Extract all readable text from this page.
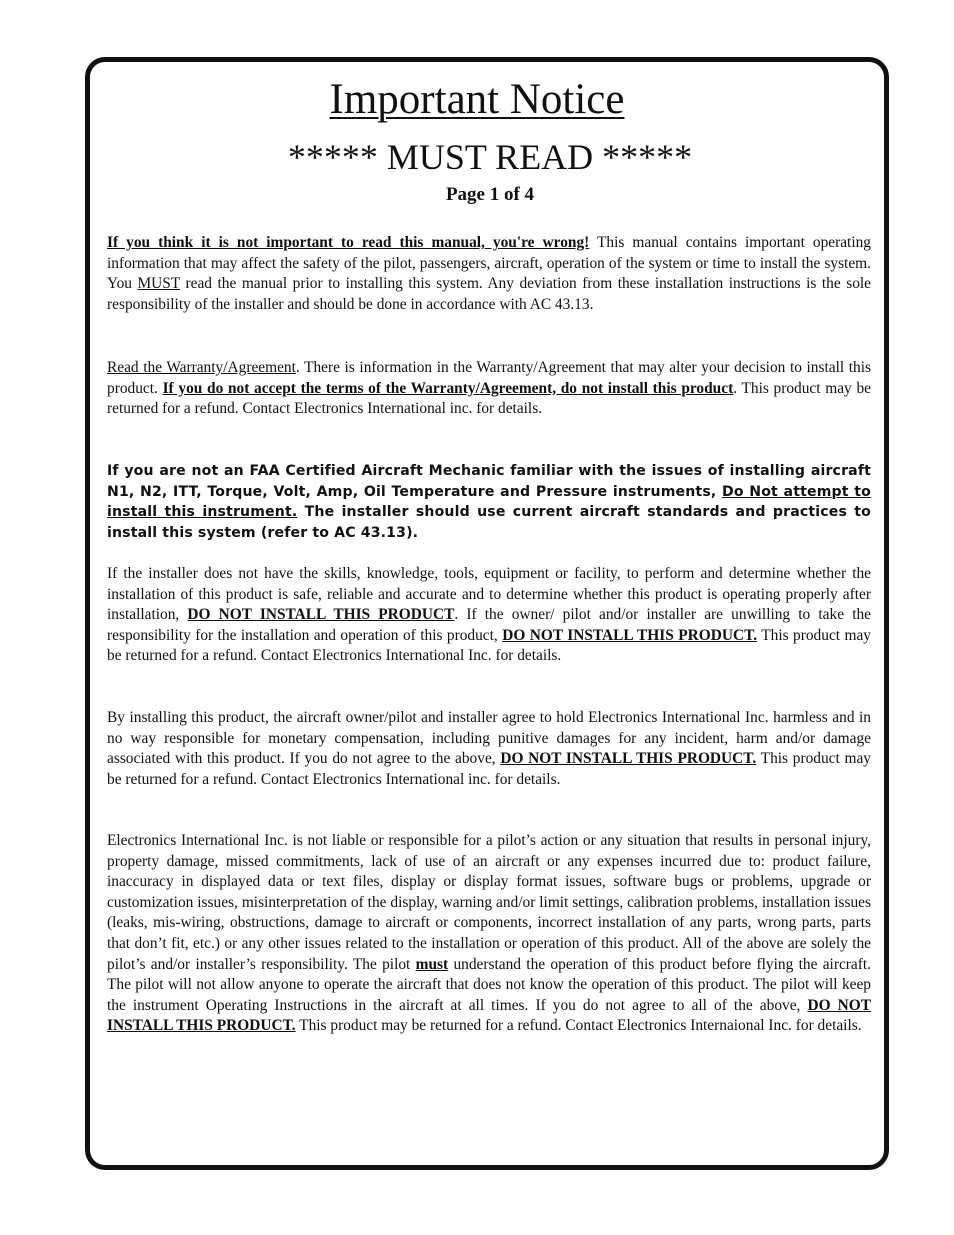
Important Notice
***** MUST READ *****
Page 1 of 4

If you think it is not important to read this manual, you're wrong! This manual contains important operating information that may affect the safety of the pilot, passengers, aircraft, operation of the system or time to install the system. You MUST read the manual prior to installing this system. Any deviation from these installation instructions is the sole responsibility of the installer and should be done in accordance with AC 43.13.

Read the Warranty/Agreement. There is information in the Warranty/Agreement that may alter your decision to install this product. If you do not accept the terms of the Warranty/Agreement, do not install this product. This product may be returned for a refund. Contact Electronics International inc. for details.

If you are not an FAA Certified Aircraft Mechanic familiar with the issues of installing aircraft N1, N2, ITT, Torque, Volt, Amp, Oil Temperature and Pressure instruments, Do Not attempt to install this instrument. The installer should use current aircraft standards and practices to install this system (refer to AC 43.13).

If the installer does not have the skills, knowledge, tools, equipment or facility, to perform and determine whether the installation of this product is safe, reliable and accurate and to determine whether this product is operating properly after installation, DO NOT INSTALL THIS PRODUCT. If the owner/ pilot and/or installer are unwilling to take the responsibility for the installation and operation of this product, DO NOT INSTALL THIS PRODUCT. This product may be returned for a refund. Contact Electronics International Inc. for details.

By installing this product, the aircraft owner/pilot and installer agree to hold Electronics International Inc. harmless and in no way responsible for monetary compensation, including punitive damages for any incident, harm and/or damage associated with this product. If you do not agree to the above, DO NOT INSTALL THIS PRODUCT. This product may be returned for a refund. Contact Electronics International inc. for details.

Electronics International Inc. is not liable or responsible for a pilot’s action or any situation that results in personal injury, property damage, missed commitments, lack of use of an aircraft or any expenses incurred due to: product failure, inaccuracy in displayed data or text files, display or display format issues, software bugs or problems, upgrade or customization issues, misinterpretation of the display, warning and/or limit settings, calibration problems, installation issues (leaks, mis-wiring, obstructions, damage to aircraft or components, incorrect installation of any parts, wrong parts, parts that don’t fit, etc.) or any other issues related to the installation or operation of this product. All of the above are solely the pilot’s and/or installer’s responsibility. The pilot must understand the operation of this product before flying the aircraft. The pilot will not allow anyone to operate the aircraft that does not know the operation of this product. The pilot will keep the instrument Operating Instructions in the aircraft at all times. If you do not agree to all of the above, DO NOT INSTALL THIS PRODUCT. This product may be returned for a refund. Contact Electronics Internaional Inc. for details.
